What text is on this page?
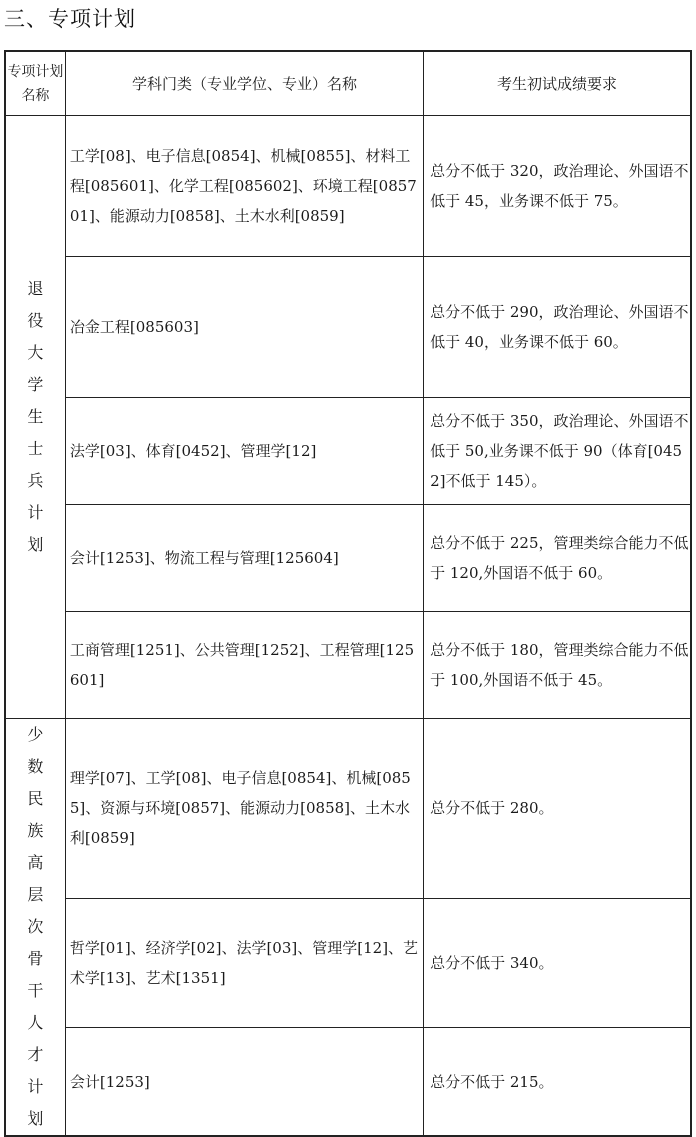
三、专项计划
专项计划名称	学科门类（专业学位、专业）名称	考生初试成绩要求
退役大学生士兵计划	工学[08]、电子信息[0854]、机械[0855]、材料工程[085601]、化学工程[085602]、环境工程[085701]、能源动力[0858]、土木水利[0859]	总分不低于 320，政治理论、外国语不低于 45，业务课不低于 75。
	冶金工程[085603]	总分不低于 290，政治理论、外国语不低于 40，业务课不低于 60。
	法学[03]、体育[0452]、管理学[12]	总分不低于 350，政治理论、外国语不低于 50,业务课不低于 90（体育[0452]不低于 145）。
	会计[1253]、物流工程与管理[125604]	总分不低于 225，管理类综合能力不低于 120,外国语不低于 60。
	工商管理[1251]、公共管理[1252]、工程管理[125601]	总分不低于 180，管理类综合能力不低于 100,外国语不低于 45。
少数民族高层次骨干人才计划	理学[07]、工学[08]、电子信息[0854]、机械[0855]、资源与环境[0857]、能源动力[0858]、土木水利[0859]	总分不低于 280。
	哲学[01]、经济学[02]、法学[03]、管理学[12]、艺术学[13]、艺术[1351]	总分不低于 340。
	会计[1253]	总分不低于 215。
